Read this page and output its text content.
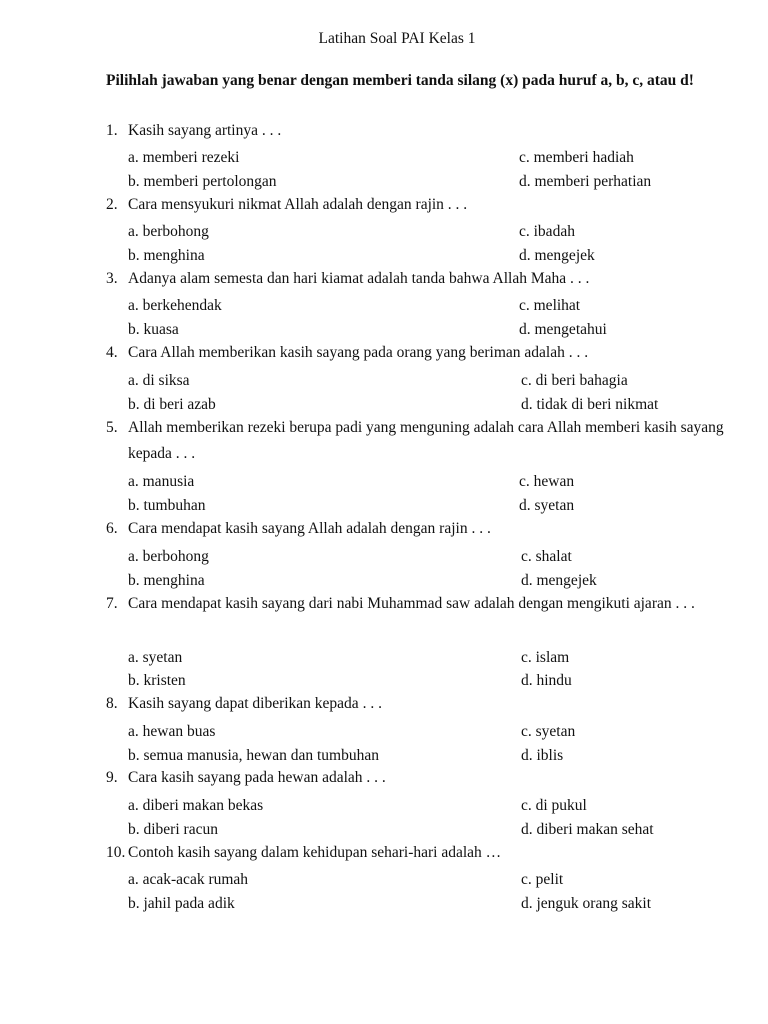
Latihan Soal PAI Kelas 1
Pilihlah jawaban yang benar dengan memberi tanda silang (x) pada huruf a, b, c, atau d!
1. Kasih sayang artinya . . .
a. memberi rezeki	c. memberi hadiah
b. memberi pertolongan	d. memberi perhatian
2. Cara mensyukuri nikmat Allah adalah dengan rajin . . .
a. berbohong	c. ibadah
b. menghina	d. mengejek
3. Adanya alam semesta dan hari kiamat adalah tanda bahwa Allah Maha . . .
a. berkehendak	c. melihat
b. kuasa	d. mengetahui
4. Cara Allah memberikan kasih sayang pada orang yang beriman adalah . . .
a. di siksa	c. di beri bahagia
b. di beri azab	d. tidak di beri nikmat
5. Allah memberikan rezeki berupa padi yang menguning adalah cara Allah memberi kasih sayang kepada . . .
a. manusia	c. hewan
b. tumbuhan	d. syetan
6. Cara mendapat kasih sayang Allah adalah dengan rajin . . .
a. berbohong	c. shalat
b. menghina	d. mengejek
7. Cara mendapat kasih sayang dari nabi Muhammad saw adalah dengan mengikuti ajaran . . .
a. syetan	c. islam
b. kristen	d. hindu
8. Kasih sayang dapat diberikan kepada . . .
a. hewan buas	c. syetan
b. semua manusia, hewan dan tumbuhan	d. iblis
9. Cara kasih sayang pada hewan adalah . . .
a. diberi makan bekas	c. di pukul
b. diberi racun	d. diberi makan sehat
10. Contoh kasih sayang dalam kehidupan sehari-hari adalah …
a. acak-acak rumah	c. pelit
b. jahil pada adik	d. jenguk orang sakit
